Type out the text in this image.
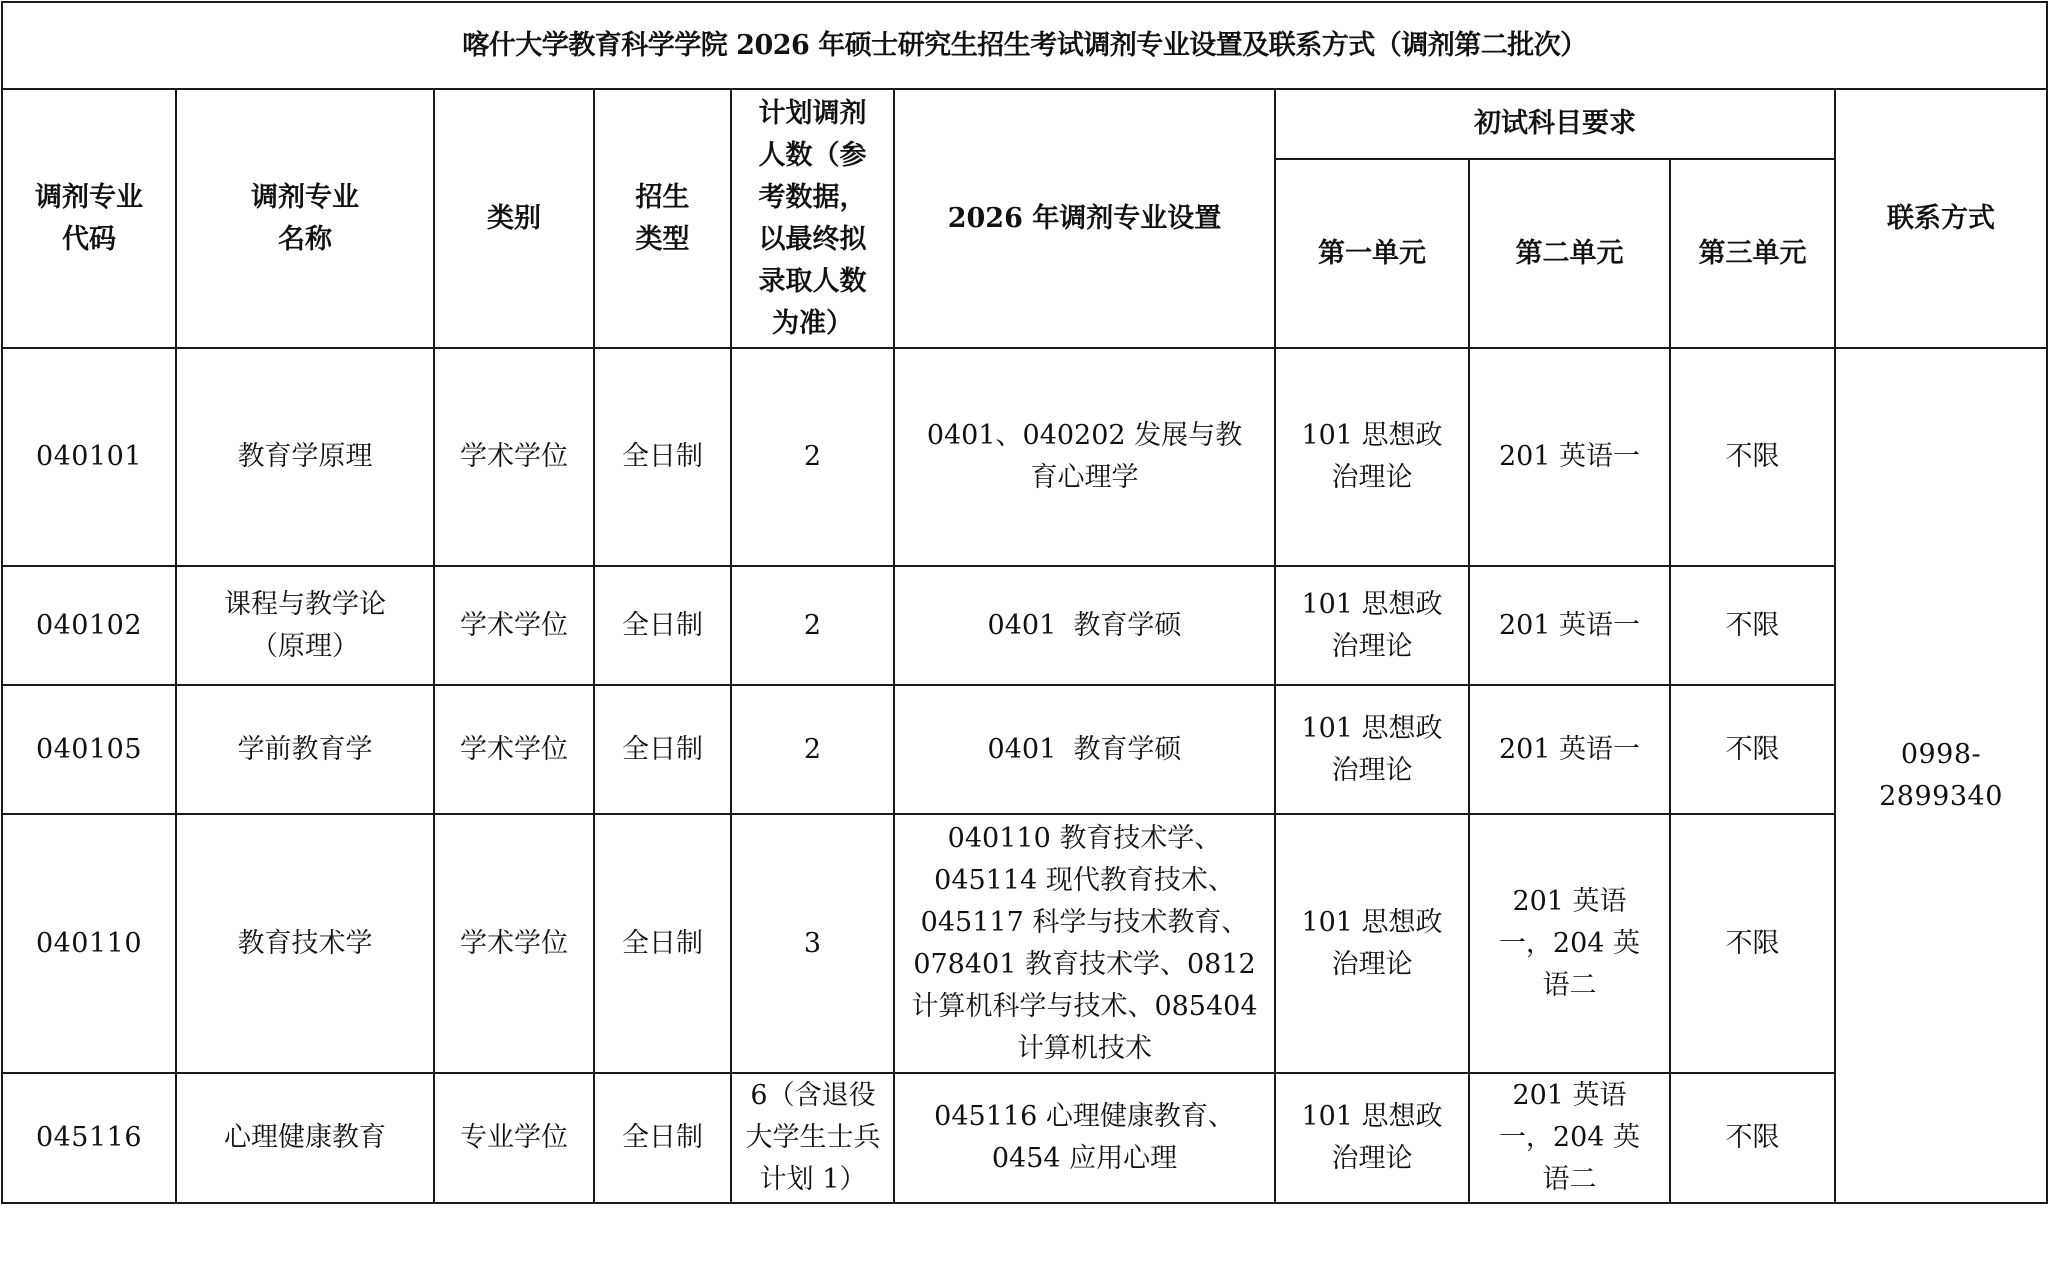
喀什大学教育科学学院 2026 年硕士研究生招生考试调剂专业设置及联系方式（调剂第二批次）									

调剂专业代码	调剂专业名称	类别	招生类型	计划调剂人数（参考数据，以最终拟录取人数为准）	2026 年调剂专业设置	初试科目要求			联系方式
						第一单元	第二单元	第三单元	
040101	教育学原理	学术学位	全日制	2	0401、040202 发展与教育心理学	101 思想政治理论	201 英语一	不限	0998-2899340
040102	课程与教学论（原理）	学术学位	全日制	2	0401  教育学硕	101 思想政治理论	201 英语一	不限	
040105	学前教育学	学术学位	全日制	2	0401  教育学硕	101 思想政治理论	201 英语一	不限	
040110	教育技术学	学术学位	全日制	3	040110 教育技术学、045114 现代教育技术、045117 科学与技术教育、078401 教育技术学、0812 计算机科学与技术、085404 计算机技术	101 思想政治理论	201 英语一，204 英语二	不限	
045116	心理健康教育	专业学位	全日制	6（含退役大学生士兵计划 1）	045116 心理健康教育、0454 应用心理	101 思想政治理论	201 英语一，204 英语二	不限	
